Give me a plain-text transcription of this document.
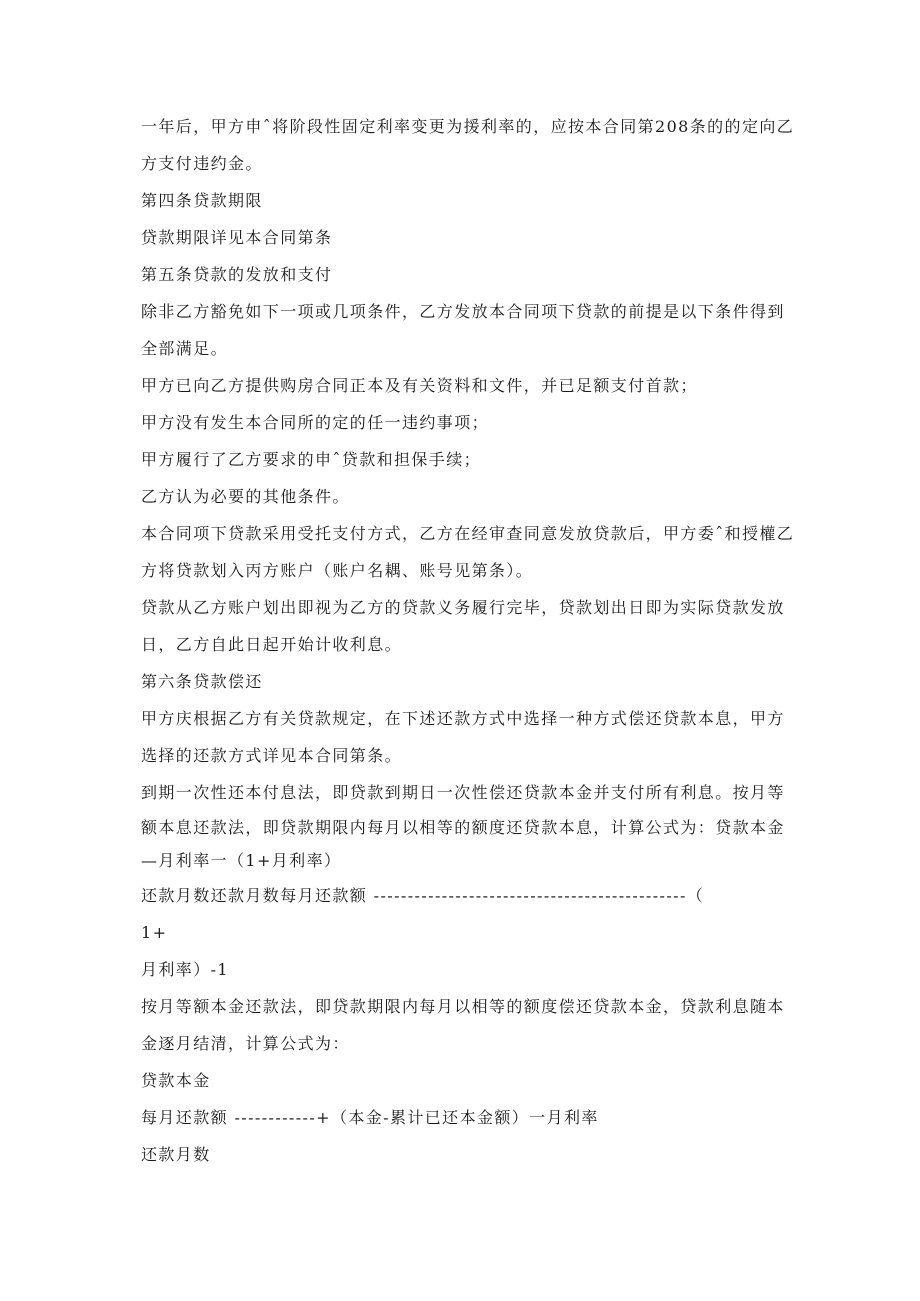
一年后，甲方申ˆ将阶段性固定利率变更为援利率的，应按本合同第208条的的定向乙
方支付违约金。
第四条贷款期限
贷款期限详见本合同第条
第五条贷款的发放和支付
除非乙方豁免如下一项或几项条件，乙方发放本合同项下贷款的前提是以下条件得到
全部满足。
甲方已向乙方提供购房合同正本及有关资料和文件，并已足额支付首款；
甲方没有发生本合同所的定的任一违约事项；
甲方履行了乙方要求的申ˆ贷款和担保手续；
乙方认为必要的其他条件。
本合同项下贷款采用受托支付方式，乙方在经审查同意发放贷款后，甲方委ˆ和授權乙
方将贷款划入丙方账户（账户名耦、账号见第条）。
贷款从乙方账户划出即视为乙方的贷款义务履行完毕，贷款划出日即为实际贷款发放
日，乙方自此日起开始计收利息。
第六条贷款偿还
甲方庆根据乙方有关贷款规定，在下述还款方式中选择一种方式偿还贷款本息，甲方
选择的还款方式详见本合同第条。
到期一次性还本付息法，即贷款到期日一次性偿还贷款本金并支付所有利息。按月等
额本息还款法，即贷款期限内每月以相等的额度还贷款本息，计算公式为：贷款本金
—月利率一（1+月利率）
还款月数还款月数每月还款额 ----------------------------------------------（
1+
月利率）-1
按月等额本金还款法，即贷款期限内每月以相等的额度偿还贷款本金，贷款利息随本
金逐月结清，计算公式为：
贷款本金
每月还款额 ------------+（本金-累计已还本金额）一月利率
还款月数
